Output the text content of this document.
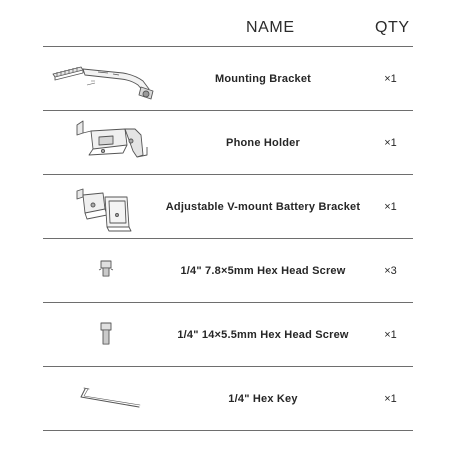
NAME	QTY
Mounting Bracket	×1
Phone Holder	×1
Adjustable V-mount Battery Bracket	×1
1/4" 7.8×5mm Hex Head Screw	×3
1/4" 14×5.5mm Hex Head Screw	×1
1/4" Hex Key	×1
